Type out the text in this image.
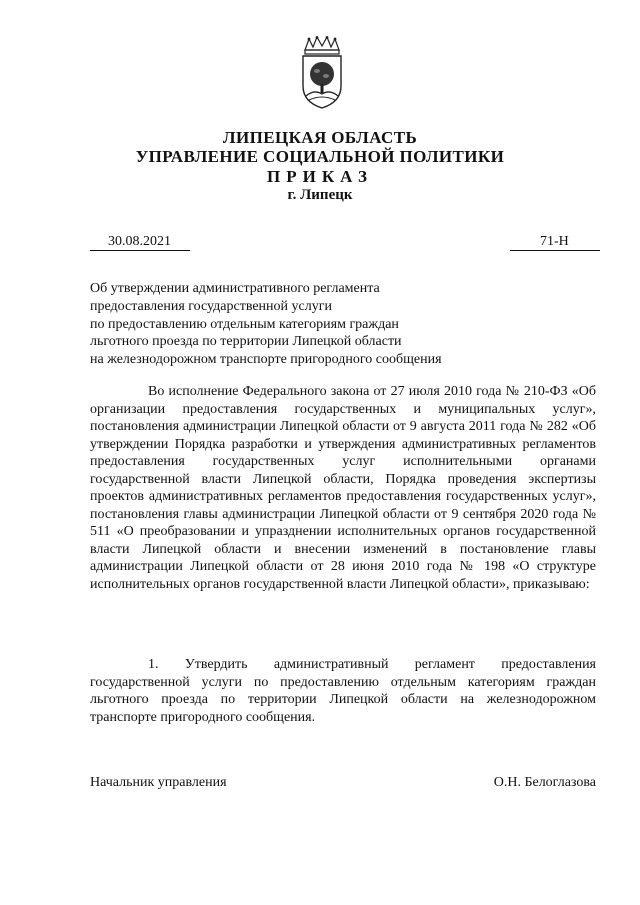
ЛИПЕЦКАЯ ОБЛАСТЬ
УПРАВЛЕНИЕ СОЦИАЛЬНОЙ ПОЛИТИКИ
ПРИКАЗ
г. Липецк
30.08.2021	71-Н
Об утверждении административного регламента
предоставления государственной услуги
по предоставлению отдельным категориям граждан
льготного проезда по территории Липецкой области
на железнодорожном транспорте пригородного сообщения

Во исполнение Федерального закона от 27 июля 2010 года № 210-ФЗ «Об организации предоставления государственных и муниципальных услуг», постановления администрации Липецкой области от 9 августа 2011 года № 282 «Об утверждении Порядка разработки и утверждения административных регламентов предоставления государственных услуг исполнительными органами государственной власти Липецкой области, Порядка проведения экспертизы проектов административных регламентов предоставления государственных услуг», постановления главы администрации Липецкой области от 9 сентября 2020 года № 511 «О преобразовании и упразднении исполнительных органов государственной власти Липецкой области и внесении изменений в постановление главы администрации Липецкой области от 28 июня 2010 года № 198 «О структуре исполнительных органов государственной власти Липецкой области», приказываю:

1. Утвердить административный регламент предоставления государственной услуги по предоставлению отдельным категориям граждан льготного проезда по территории Липецкой области на железнодорожном транспорте пригородного сообщения.

Начальник управления	О.Н. Белоглазова
